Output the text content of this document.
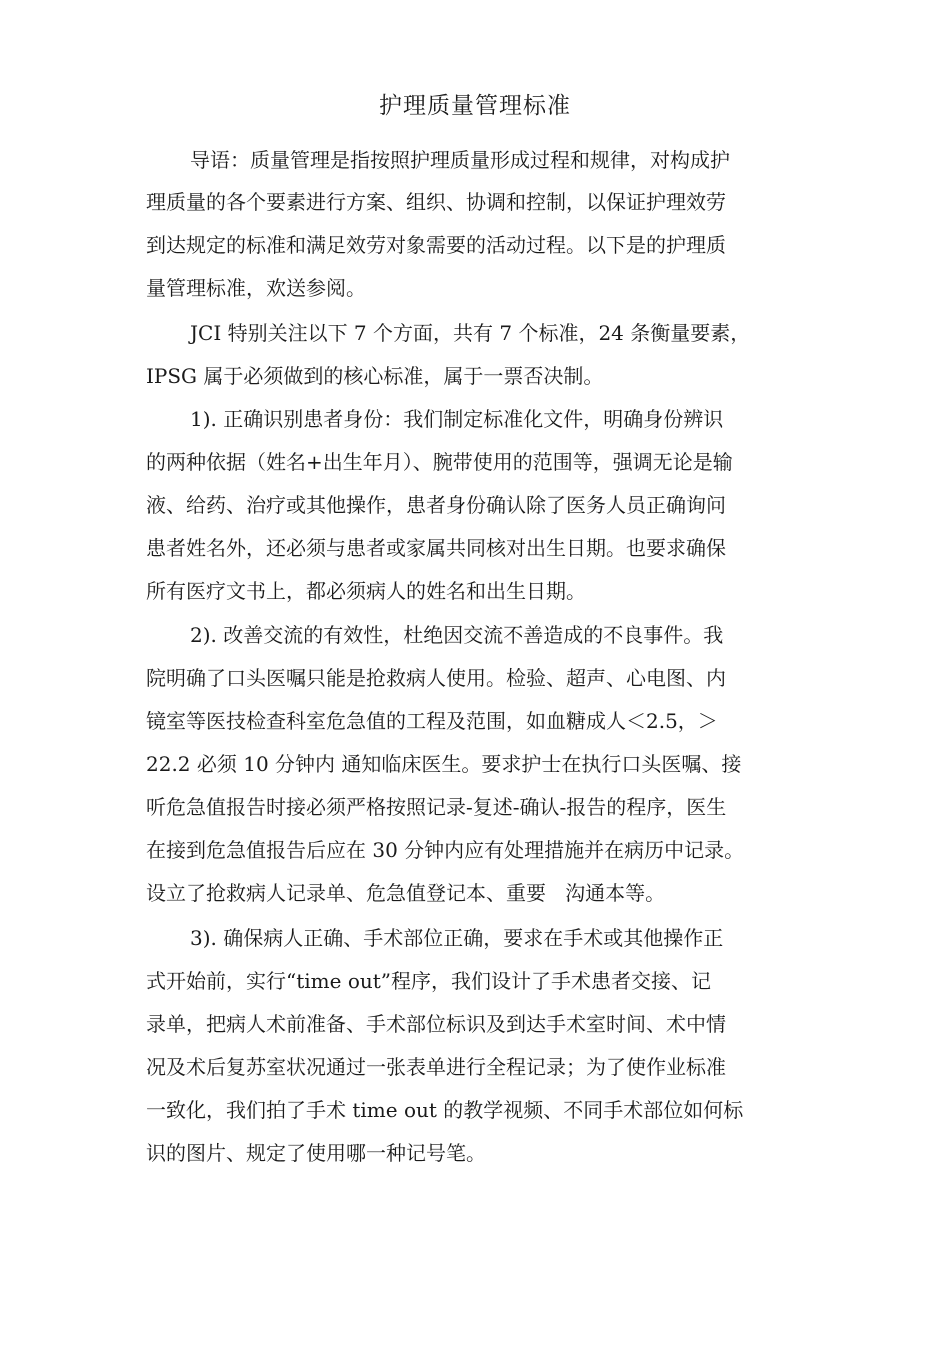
护理质量管理标准
导语：质量管理是指按照护理质量形成过程和规律，对构成护
理质量的各个要素进行方案、组织、协调和控制，以保证护理效劳
到达规定的标准和满足效劳对象需要的活动过程。以下是的护理质
量管理标准，欢送参阅。
JCI 特别关注以下 7 个方面，共有 7 个标准，24 条衡量要素，
IPSG 属于必须做到的核心标准，属于一票否决制。
1). 正确识别患者身份：我们制定标准化文件，明确身份辨识
的两种依据（姓名+出生年月）、腕带使用的范围等，强调无论是输
液、给药、治疗或其他操作，患者身份确认除了医务人员正确询问
患者姓名外，还必须与患者或家属共同核对出生日期。也要求确保
所有医疗文书上，都必须病人的姓名和出生日期。
2). 改善交流的有效性，杜绝因交流不善造成的不良事件。我
院明确了口头医嘱只能是抢救病人使用。检验、超声、心电图、内
镜室等医技检查科室危急值的工程及范围，如血糖成人＜2.5，＞
22.2 必须 10 分钟内 通知临床医生。要求护士在执行口头医嘱、接
听危急值报告时接必须严格按照记录-复述-确认-报告的程序，医生
在接到危急值报告后应在 30 分钟内应有处理措施并在病历中记录。
设立了抢救病人记录单、危急值登记本、重要   沟通本等。
3). 确保病人正确、手术部位正确，要求在手术或其他操作正
式开始前，实行“time out”程序，我们设计了手术患者交接、记
录单，把病人术前准备、手术部位标识及到达手术室时间、术中情
况及术后复苏室状况通过一张表单进行全程记录；为了使作业标准
一致化，我们拍了手术 time out 的教学视频、不同手术部位如何标
识的图片、规定了使用哪一种记号笔。
